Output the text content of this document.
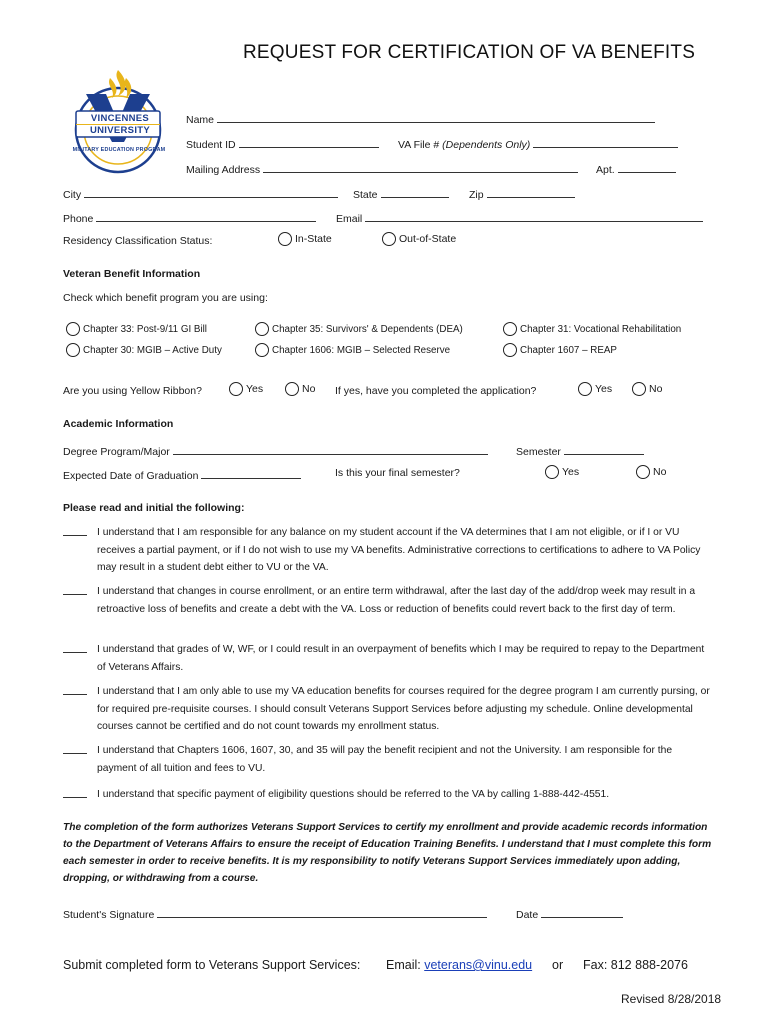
VINCENNES
UNIVERSITY
MILITARY EDUCATION PROGRAM
REQUEST FOR CERTIFICATION OF VA BENEFITS
Name
Student ID	VA File # (Dependents Only)
Mailing Address	Apt.
City	State	Zip
Phone	Email
Residency Classification Status:	In-State	Out-of-State
Veteran Benefit Information
Check which benefit program you are using:
Chapter 33: Post-9/11 GI Bill	Chapter 35: Survivors' & Dependents (DEA)	Chapter 31: Vocational Rehabilitation
Chapter 30: MGIB – Active Duty	Chapter 1606: MGIB – Selected Reserve	Chapter 1607 – REAP
Are you using Yellow Ribbon?	Yes	No If yes, have you completed the application?	Yes	No
Academic Information
Degree Program/Major	Semester
Expected Date of Graduation	Is this your final semester?	Yes	No
Please read and initial the following:
I understand that I am responsible for any balance on my student account if the VA determines that I am not eligible, or if I or VU receives a partial payment, or if I do not wish to use my VA benefits. Administrative corrections to certifications to adhere to VA Policy may result in a student debt either to VU or the VA.
I understand that changes in course enrollment, or an entire term withdrawal, after the last day of the add/drop week may result in a retroactive loss of benefits and create a debt with the VA. Loss or reduction of benefits could revert back to the first day of term.
I understand that grades of W, WF, or I could result in an overpayment of benefits which I may be required to repay to the Department of Veterans Affairs.
I understand that I am only able to use my VA education benefits for courses required for the degree program I am currently pursing, or for required pre-requisite courses. I should consult Veterans Support Services before adjusting my schedule. Online developmental courses cannot be certified and do not count towards my enrollment status.
I understand that Chapters 1606, 1607, 30, and 35 will pay the benefit recipient and not the University. I am responsible for the payment of all tuition and fees to VU.
I understand that specific payment of eligibility questions should be referred to the VA by calling 1-888-442-4551.
The completion of the form authorizes Veterans Support Services to certify my enrollment and provide academic records information to the Department of Veterans Affairs to ensure the receipt of Education Training Benefits. I understand that I must complete this form each semester in order to receive benefits. It is my responsibility to notify Veterans Support Services immediately upon adding, dropping, or withdrawing from a course.
Student's Signature	Date
Submit completed form to Veterans Support Services: Email: veterans@vinu.edu or Fax: 812 888-2076
Revised 8/28/2018
